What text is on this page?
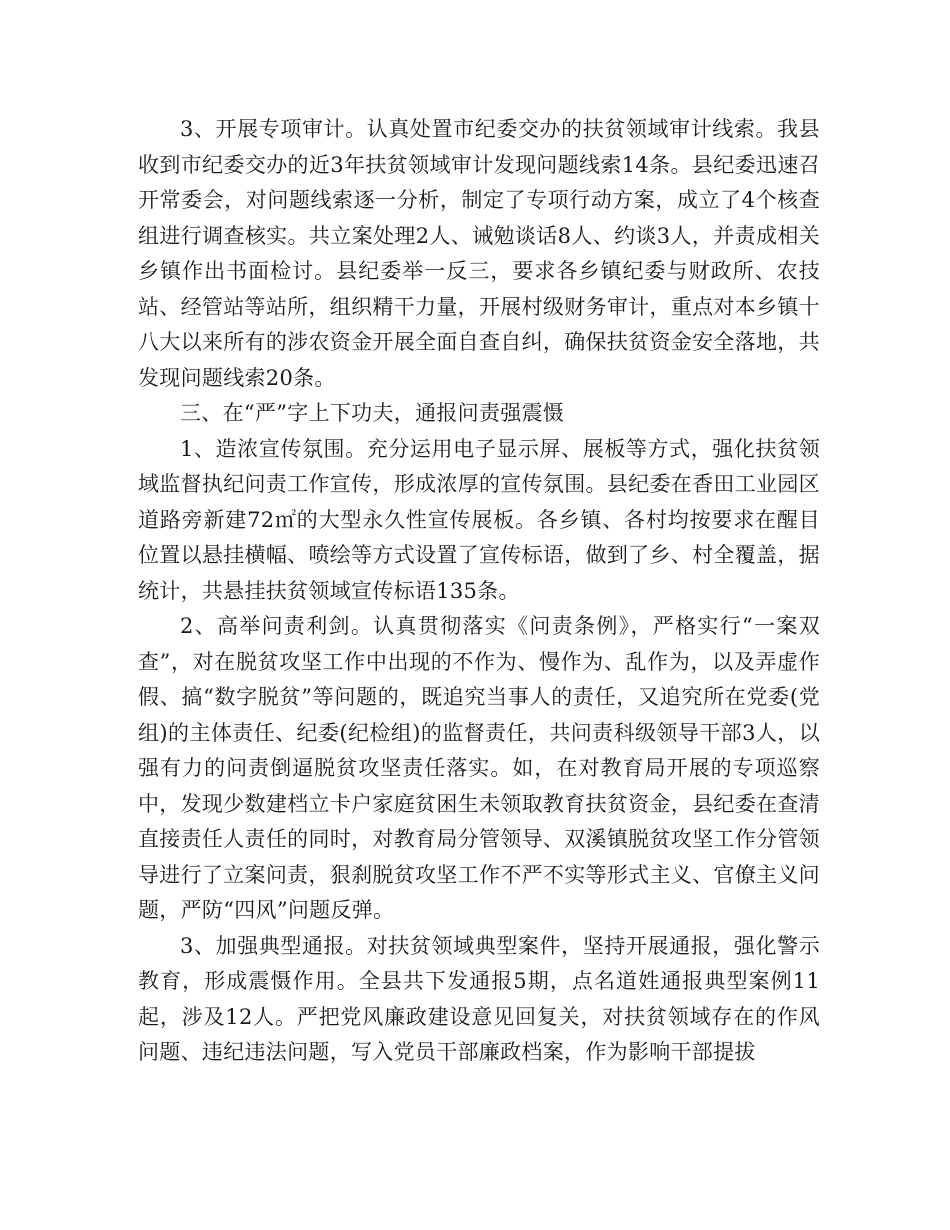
3、开展专项审计。认真处置市纪委交办的扶贫领域审计线索。我县收到市纪委交办的近3年扶贫领域审计发现问题线索14条。县纪委迅速召开常委会，对问题线索逐一分析，制定了专项行动方案，成立了4个核查组进行调查核实。共立案处理2人、诫勉谈话8人、约谈3人，并责成相关乡镇作出书面检讨。县纪委举一反三，要求各乡镇纪委与财政所、农技站、经管站等站所，组织精干力量，开展村级财务审计，重点对本乡镇十八大以来所有的涉农资金开展全面自查自纠，确保扶贫资金安全落地，共发现问题线索20条。

三、在“严”字上下功夫，通报问责强震慑

1、造浓宣传氛围。充分运用电子显示屏、展板等方式，强化扶贫领域监督执纪问责工作宣传，形成浓厚的宣传氛围。县纪委在香田工业园区道路旁新建72㎡的大型永久性宣传展板。各乡镇、各村均按要求在醒目位置以悬挂横幅、喷绘等方式设置了宣传标语，做到了乡、村全覆盖，据统计，共悬挂扶贫领域宣传标语135条。

2、高举问责利剑。认真贯彻落实《问责条例》，严格实行“一案双查”，对在脱贫攻坚工作中出现的不作为、慢作为、乱作为，以及弄虚作假、搞“数字脱贫”等问题的，既追究当事人的责任，又追究所在党委(党组)的主体责任、纪委(纪检组)的监督责任，共问责科级领导干部3人，以强有力的问责倒逼脱贫攻坚责任落实。如，在对教育局开展的专项巡察中，发现少数建档立卡户家庭贫困生未领取教育扶贫资金，县纪委在查清直接责任人责任的同时，对教育局分管领导、双溪镇脱贫攻坚工作分管领导进行了立案问责，狠刹脱贫攻坚工作不严不实等形式主义、官僚主义问题，严防“四风”问题反弹。

3、加强典型通报。对扶贫领域典型案件，坚持开展通报，强化警示教育，形成震慑作用。全县共下发通报5期，点名道姓通报典型案例11起，涉及12人。严把党风廉政建设意见回复关，对扶贫领域存在的作风问题、违纪违法问题，写入党员干部廉政档案，作为影响干部提拔
